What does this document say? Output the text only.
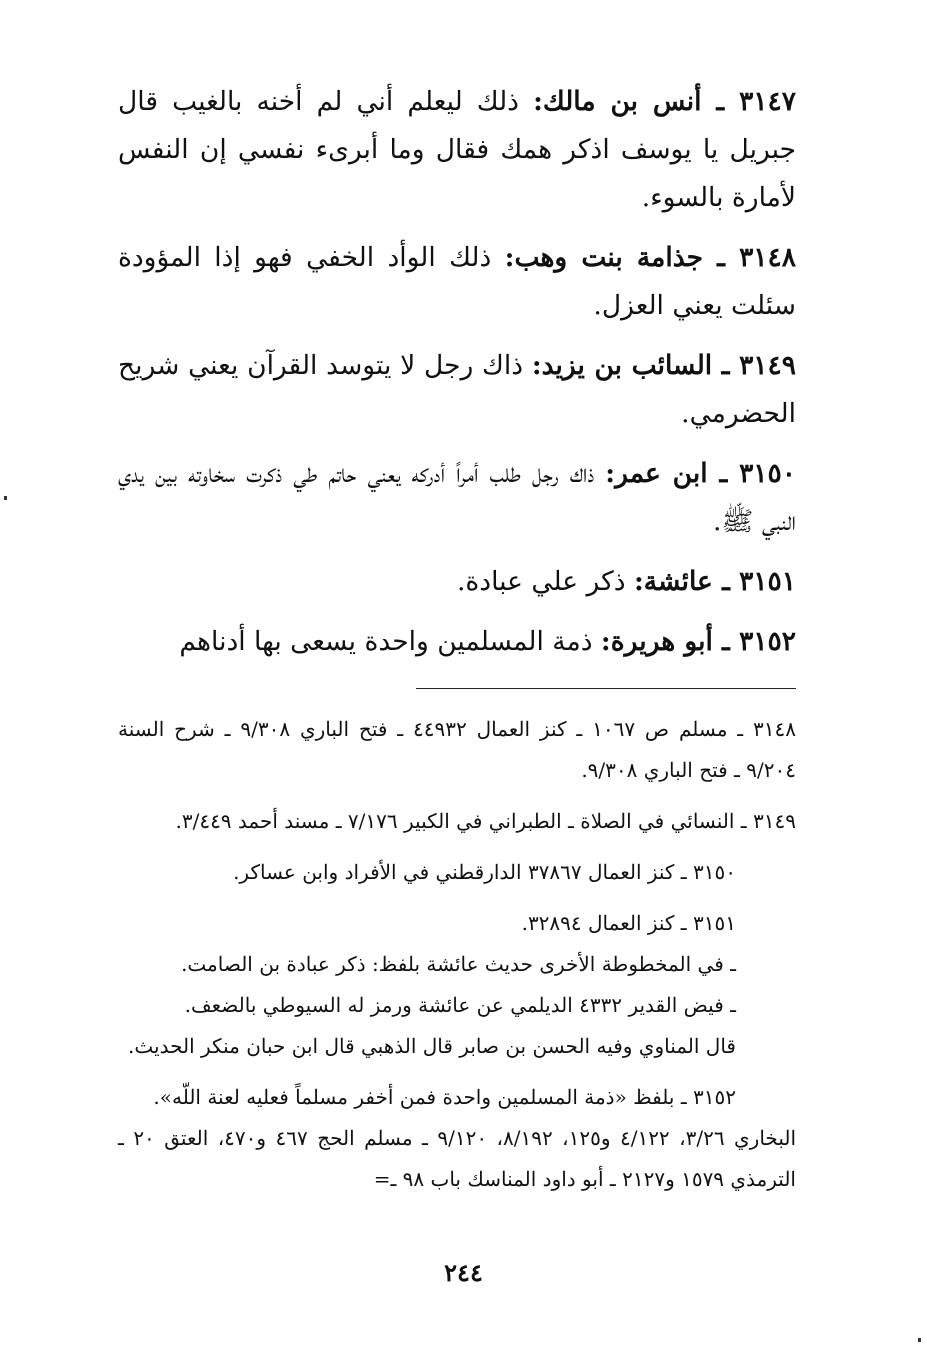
٣١٤٧ ـ أنس بن مالك: ذلك ليعلم أني لم أخنه بالغيب قال جبريل يا يوسف اذكر همك فقال وما أبرىء نفسي إن النفس لأمارة بالسوء.

٣١٤٨ ـ جذامة بنت وهب: ذلك الوأد الخفي فهو إذا المؤودة سئلت يعني العزل.

٣١٤٩ ـ السائب بن يزيد: ذاك رجل لا يتوسد القرآن يعني شريح الحضرمي.

٣١٥٠ ـ ابن عمر: ذاك رجل طلب أمراً أدركه يعني حاتم طي ذكرت سخاوته بين يدي النبي ﷺ.

٣١٥١ ـ عائشة: ذكر علي عبادة.

٣١٥٢ ـ أبو هريرة: ذمة المسلمين واحدة يسعى بها أدناهم

٣١٤٨ ـ مسلم ص ١٠٦٧ ـ كنز العمال ٤٤٩٣٢ ـ فتح الباري ٩/٣٠٨ ـ شرح السنة ٩/٢٠٤ ـ فتح الباري ٩/٣٠٨.

٣١٤٩ ـ النسائي في الصلاة ـ الطبراني في الكبير ٧/١٧٦ ـ مسند أحمد ٣/٤٤٩.

٣١٥٠ ـ كنز العمال ٣٧٨٦٧ الدارقطني في الأفراد وابن عساكر.

٣١٥١ ـ كنز العمال ٣٢٨٩٤.

ـ في المخطوطة الأخرى حديث عائشة بلفظ: ذكر عبادة بن الصامت.

ـ فيض القدير ٤٣٣٢ الديلمي عن عائشة ورمز له السيوطي بالضعف.

قال المناوي وفيه الحسن بن صابر قال الذهبي قال ابن حبان منكر الحديث.

٣١٥٢ ـ بلفظ «ذمة المسلمين واحدة فمن أخفر مسلماً فعليه لعنة اللّه».

البخاري ٣/٢٦، ٤/١٢٢ و١٢٥، ٨/١٩٢، ٩/١٢٠ ـ مسلم الحج ٤٦٧ و٤٧٠، العتق ٢٠ ـ الترمذي ١٥٧٩ و٢١٢٧ ـ أبو داود المناسك باب ٩٨ ـ=

٢٤٤
